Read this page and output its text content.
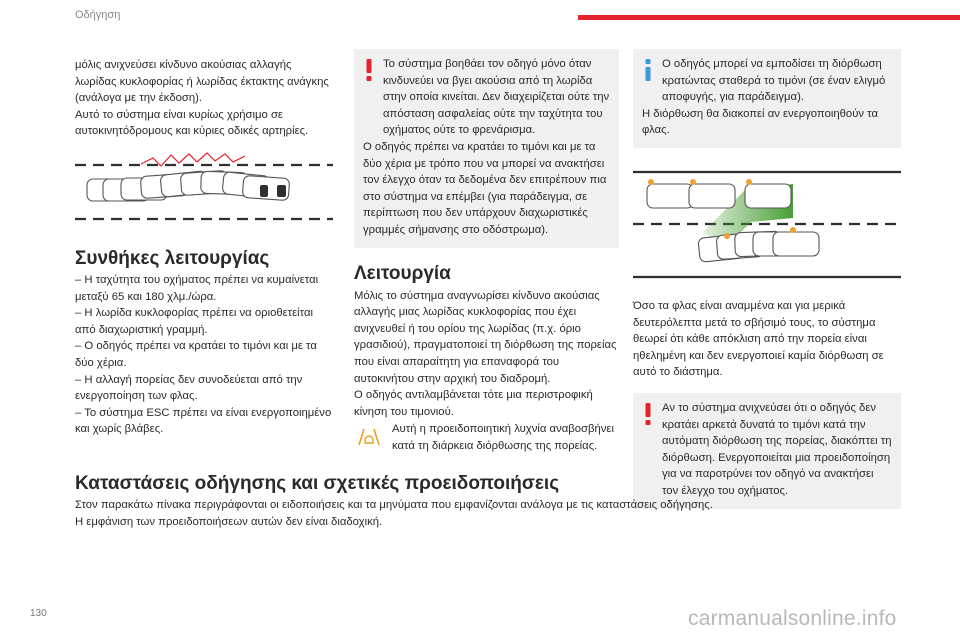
Οδήγηση

μόλις ανιχνεύσει κίνδυνο ακούσιας αλλαγής λωρίδας κυκλοφορίας ή λωρίδας έκτακτης ανάγκης (ανάλογα με την έκδοση).

Αυτό το σύστημα είναι κυρίως χρήσιμο σε αυτοκινητόδρομους και κύριες οδικές αρτηρίες.

Συνθήκες λειτουργίας

– Η ταχύτητα του οχήματος πρέπει να κυμαίνεται μεταξύ 65 και 180 χλμ./ώρα.

– Η λωρίδα κυκλοφορίας πρέπει να οριοθετείται από διαχωριστική γραμμή.

– Ο οδηγός πρέπει να κρατάει το τιμόνι και με τα δύο χέρια.

– Η αλλαγή πορείας δεν συνοδεύεται από την ενεργοποίηση των φλας.

– Το σύστημα ESC πρέπει να είναι ενεργοποιημένο και χωρίς βλάβες.

Το σύστημα βοηθάει τον οδηγό μόνο όταν κινδυνεύει να βγει ακούσια από τη λωρίδα στην οποία κινείται. Δεν διαχειρίζεται ούτε την απόσταση ασφαλείας ούτε την ταχύτητα του οχήματος ούτε το φρενάρισμα.

Ο οδηγός πρέπει να κρατάει το τιμόνι και με τα δύο χέρια με τρόπο που να μπορεί να ανακτήσει τον έλεγχο όταν τα δεδομένα δεν επιτρέπουν πια στο σύστημα να επέμβει (για παράδειγμα, σε περίπτωση που δεν υπάρχουν διαχωριστικές γραμμές σήμανσης στο οδόστρωμα).

Λειτουργία

Μόλις το σύστημα αναγνωρίσει κίνδυνο ακούσιας αλλαγής μιας λωρίδας κυκλοφορίας που έχει ανιχνευθεί ή του ορίου της λωρίδας (π.χ. όριο γρασιδιού), πραγματοποιεί τη διόρθωση της πορείας που είναι απαραίτητη για επαναφορά του αυτοκινήτου στην αρχική του διαδρομή.

Ο οδηγός αντιλαμβάνεται τότε μια περιστροφική κίνηση του τιμονιού.

Αυτή η προειδοποιητική λυχνία αναβοσβήνει κατά τη διάρκεια διόρθωσης της πορείας.

Ο οδηγός μπορεί να εμποδίσει τη διόρθωση κρατώντας σταθερά το τιμόνι (σε έναν ελιγμό αποφυγής, για παράδειγμα).

Η διόρθωση θα διακοπεί αν ενεργοποιηθούν τα φλας.

Όσο τα φλας είναι αναμμένα και για μερικά δευτερόλεπτα μετά το σβήσιμό τους, το σύστημα θεωρεί ότι κάθε απόκλιση από την πορεία είναι ηθελημένη και δεν ενεργοποιεί καμία διόρθωση σε αυτό το διάστημα.

Αν το σύστημα ανιχνεύσει ότι ο οδηγός δεν κρατάει αρκετά δυνατά το τιμόνι κατά την αυτόματη διόρθωση της πορείας, διακόπτει τη διόρθωση. Ενεργοποιείται μια προειδοποίηση για να παροτρύνει τον οδηγό να ανακτήσει τον έλεγχο του οχήματος.

Καταστάσεις οδήγησης και σχετικές προειδοποιήσεις
Στον παρακάτω πίνακα περιγράφονται οι ειδοποιήσεις και τα μηνύματα που εμφανίζονται ανάλογα με τις καταστάσεις οδήγησης.
Η εμφάνιση των προειδοποιήσεων αυτών δεν είναι διαδοχική.
130	carmanualsonline.info
